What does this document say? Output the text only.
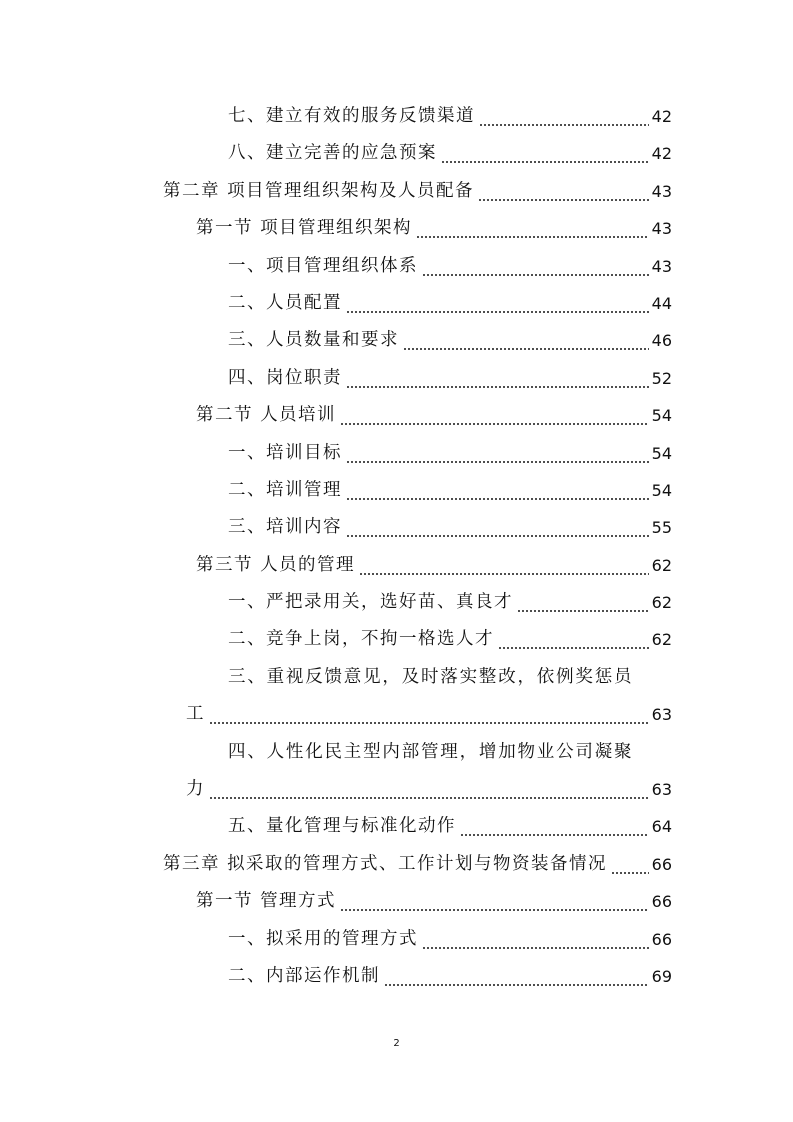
七、建立有效的服务反馈渠道	42
八、建立完善的应急预案	42
第二章 项目管理组织架构及人员配备	43
第一节 项目管理组织架构	43
一、项目管理组织体系	43
二、人员配置	44
三、人员数量和要求	46
四、岗位职责	52
第二节 人员培训	54
一、培训目标	54
二、培训管理	54
三、培训内容	55
第三节 人员的管理	62
一、严把录用关，选好苗、真良才	62
二、竞争上岗，不拘一格选人才	62
三、重视反馈意见，及时落实整改，依例奖惩员
工	63
四、人性化民主型内部管理，增加物业公司凝聚
力	63
五、量化管理与标准化动作	64
第三章 拟采取的管理方式、工作计划与物资装备情况	66
第一节 管理方式	66
一、拟采用的管理方式	66
二、内部运作机制	69
2
